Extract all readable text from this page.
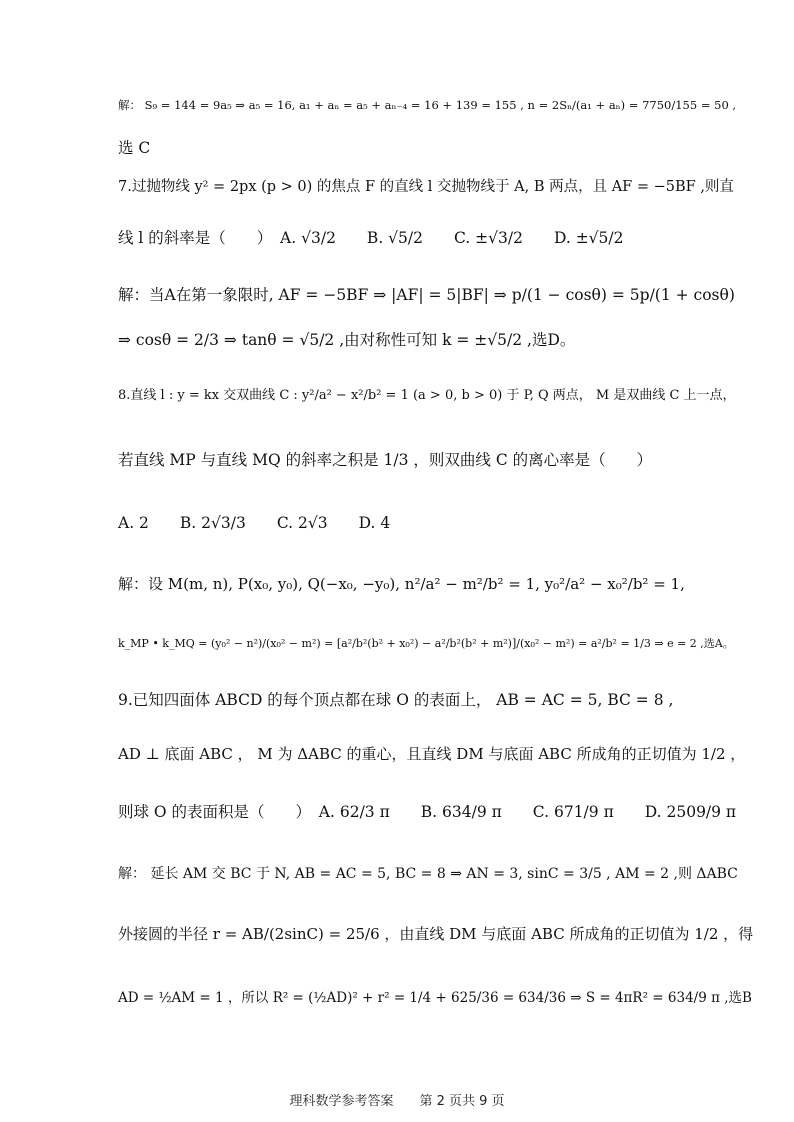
解： S₉ = 144 = 9a₅ ⇒ a₅ = 16, a₁ + aₙ = a₅ + aₙ₋₄ = 16 + 139 = 155 , n = 2Sₙ/(a₁ + aₙ) = 7750/155 = 50 ,
选 C
7.过抛物线 y² = 2px (p > 0) 的焦点 F 的直线 l 交抛物线于 A, B 两点，且 AF = −5BF ,则直
线 l 的斜率是（　　）　A. √3/2　　B. √5/2　　C. ±√3/2　　D. ±√5/2
解：当A在第一象限时, AF = −5BF ⇒ |AF| = 5|BF| ⇒ p/(1 − cosθ) = 5p/(1 + cosθ)
⇒ cosθ = 2/3 ⇒ tanθ = √5/2 ,由对称性可知 k = ±√5/2 ,选D。
8.直线 l : y = kx 交双曲线 C : y²/a² − x²/b² = 1 (a > 0, b > 0) 于 P, Q 两点， M 是双曲线 C 上一点，
若直线 MP 与直线 MQ 的斜率之积是 1/3 ，则双曲线 C 的离心率是（　　）
A. 2　　B. 2√3/3　　C. 2√3　　D. 4
解：设 M(m, n), P(x₀, y₀), Q(−x₀, −y₀), n²/a² − m²/b² = 1, y₀²/a² − x₀²/b² = 1,
k_MP • k_MQ = (y₀² − n²)/(x₀² − m²) = [a²/b²(b² + x₀²) − a²/b²(b² + m²)]/(x₀² − m²) = a²/b² = 1/3 ⇒ e = 2 ,选A。
9.已知四面体 ABCD 的每个顶点都在球 O 的表面上， AB = AC = 5, BC = 8 ,
AD ⊥ 底面 ABC ， M 为 ΔABC 的重心，且直线 DM 与底面 ABC 所成角的正切值为 1/2 ，
则球 O 的表面积是（　　）　A. 62/3 π　　B. 634/9 π　　C. 671/9 π　　D. 2509/9 π
解： 延长 AM 交 BC 于 N, AB = AC = 5, BC = 8 ⇒ AN = 3, sinC = 3/5 , AM = 2 ,则 ΔABC
外接圆的半径 r = AB/(2sinC) = 25/6 ，由直线 DM 与底面 ABC 所成角的正切值为 1/2 ，得
AD = ½AM = 1 ，所以 R² = (½AD)² + r² = 1/4 + 625/36 = 634/36 ⇒ S = 4πR² = 634/9 π ,选B
理科数学参考答案　　第 2 页共 9 页
